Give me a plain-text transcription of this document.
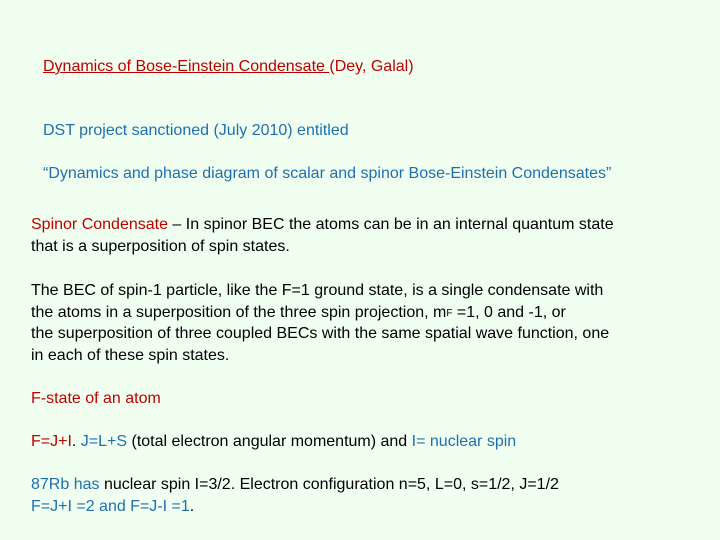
Dynamics of Bose-Einstein Condensate (Dey, Galal)
DST project sanctioned (July 2010) entitled
“Dynamics and phase diagram of scalar and spinor Bose-Einstein Condensates”
Spinor Condensate – In spinor BEC the atoms can be in an internal quantum state
that is a superposition of spin states.
The BEC of spin-1 particle, like the F=1 ground state, is a single condensate with
the atoms in a superposition of the three spin projection, $m_F =1$, 0 and -1, or
the superposition of three coupled BECs with the same spatial wave function, one
in each of these spin states.
F-state of an atom
F=J+I. J=L+S (total electron angular momentum) and I= nuclear spin
87Rb has nuclear spin I=3/2. Electron configuration n=5, L=0, s=1/2, J=1/2
F=J+I =2 and F=J-I =1.
